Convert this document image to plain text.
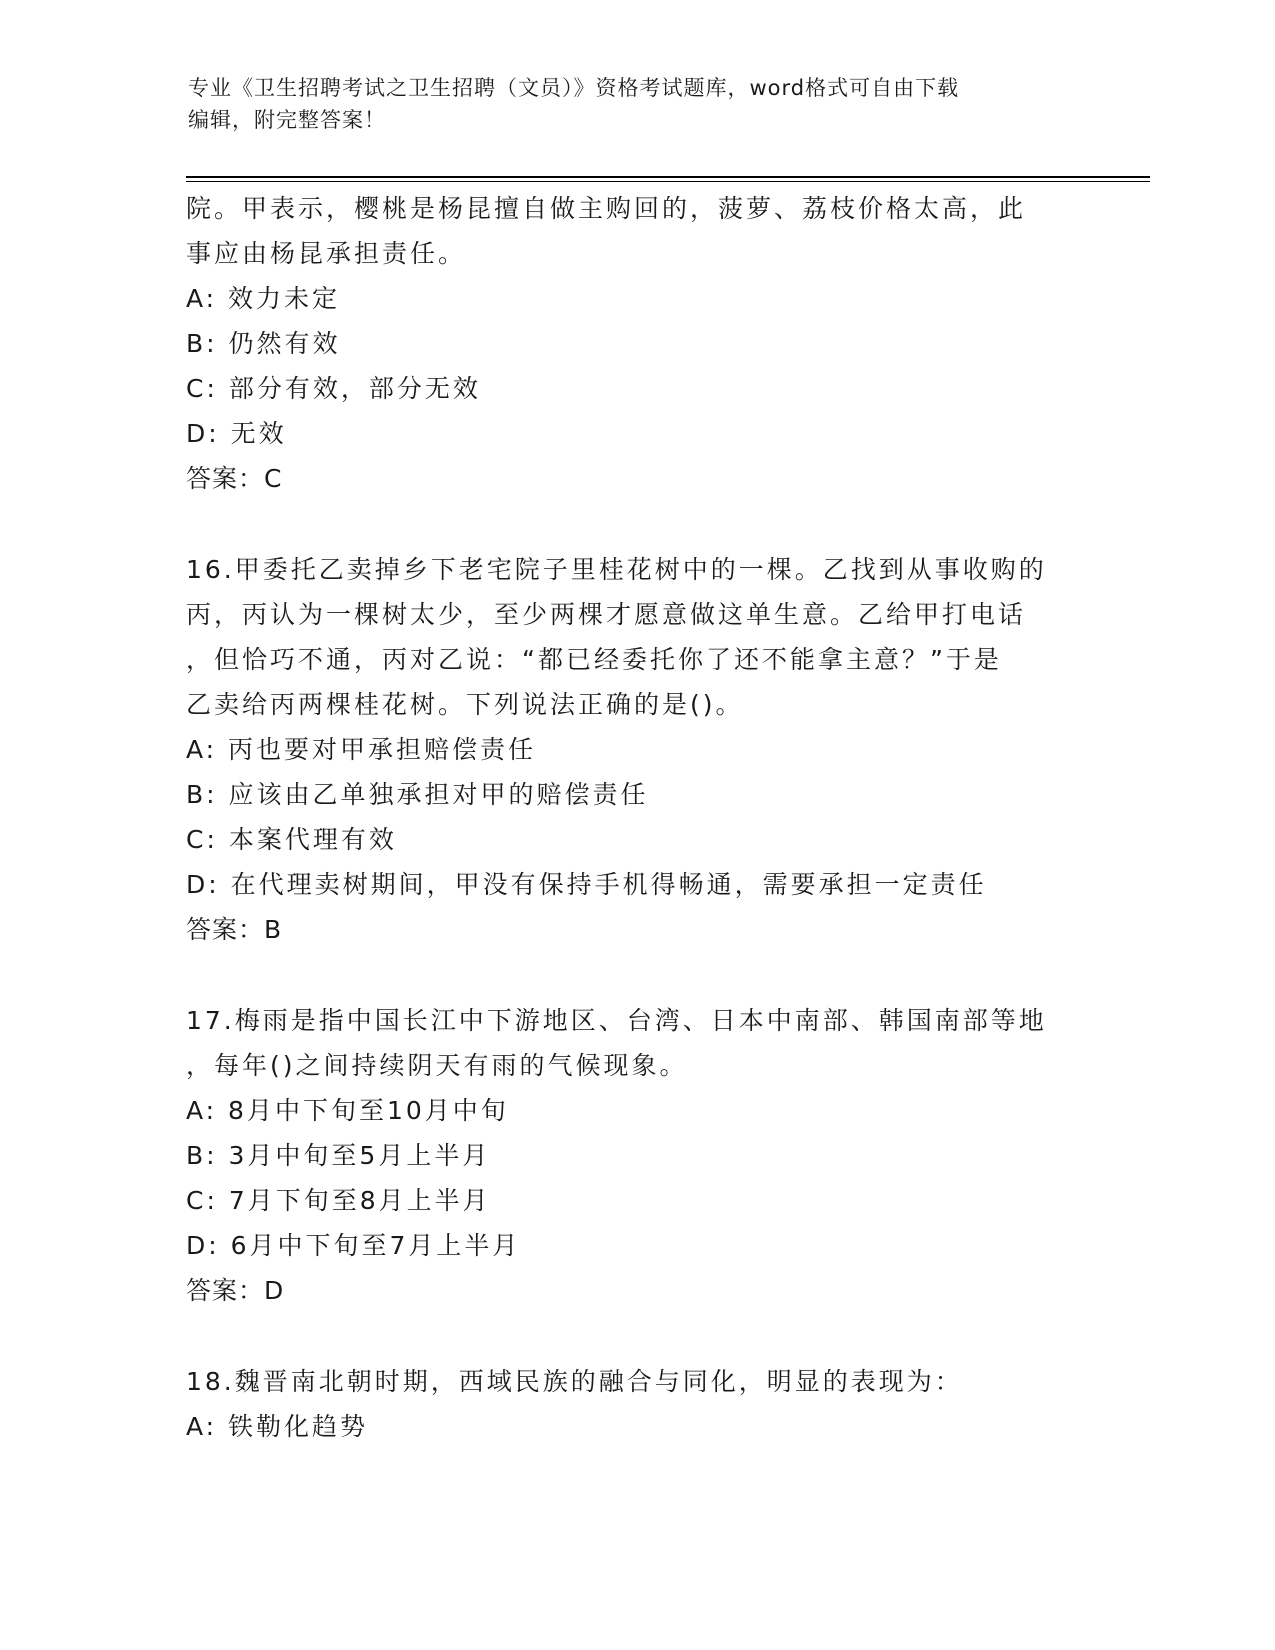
专业《卫生招聘考试之卫生招聘（文员）》资格考试题库，word格式可自由下载
编辑，附完整答案！
院。甲表示，樱桃是杨昆擅自做主购回的，菠萝、荔枝价格太高，此
事应由杨昆承担责任。
A: 效力未定
B: 仍然有效
C: 部分有效，部分无效
D: 无效
答案：C
16.甲委托乙卖掉乡下老宅院子里桂花树中的一棵。乙找到从事收购的
丙，丙认为一棵树太少，至少两棵才愿意做这单生意。乙给甲打电话
，但恰巧不通，丙对乙说：“都已经委托你了还不能拿主意？”于是
乙卖给丙两棵桂花树。下列说法正确的是()。
A: 丙也要对甲承担赔偿责任
B: 应该由乙单独承担对甲的赔偿责任
C: 本案代理有效
D: 在代理卖树期间，甲没有保持手机得畅通，需要承担一定责任
答案：B
17.梅雨是指中国长江中下游地区、台湾、日本中南部、韩国南部等地
，每年()之间持续阴天有雨的气候现象。
A: 8月中下旬至10月中旬
B: 3月中旬至5月上半月
C: 7月下旬至8月上半月
D: 6月中下旬至7月上半月
答案：D
18.魏晋南北朝时期，西域民族的融合与同化，明显的表现为：
A: 铁勒化趋势
